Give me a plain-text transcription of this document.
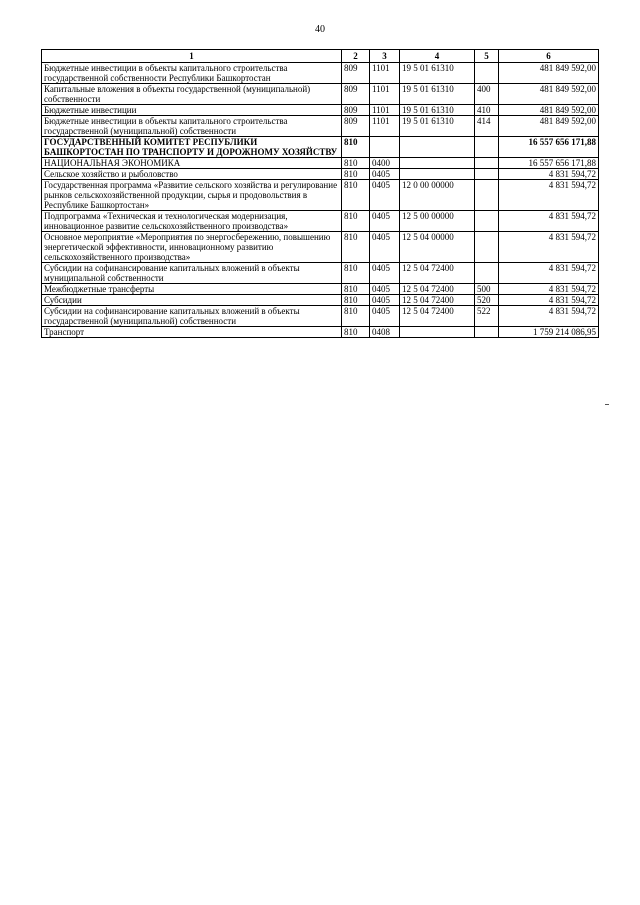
40
1	2	3	4	5	6
Бюджетные инвестиции в объекты капитального строительства государственной собственности Республики Башкортостан	809	1101	19 5 01 61310		481 849 592,00
Капитальные вложения в объекты государственной (муниципальной) собственности	809	1101	19 5 01 61310	400	481 849 592,00
Бюджетные инвестиции	809	1101	19 5 01 61310	410	481 849 592,00
Бюджетные инвестиции в объекты капитального строительства государственной (муниципальной) собственности	809	1101	19 5 01 61310	414	481 849 592,00
ГОСУДАРСТВЕННЫЙ КОМИТЕТ РЕСПУБЛИКИ БАШКОРТОСТАН ПО ТРАНСПОРТУ И ДОРОЖНОМУ ХОЗЯЙСТВУ	810				16 557 656 171,88
НАЦИОНАЛЬНАЯ ЭКОНОМИКА	810	0400			16 557 656 171,88
Сельское хозяйство и рыболовство	810	0405			4 831 594,72
Государственная программа «Развитие сельского хозяйства и регулирование рынков сельскохозяйственной продукции, сырья и продовольствия в Республике Башкортостан»	810	0405	12 0 00 00000		4 831 594,72
Подпрограмма «Техническая и технологическая модернизация, инновационное развитие сельскохозяйственного производства»	810	0405	12 5 00 00000		4 831 594,72
Основное мероприятие «Мероприятия по энергосбережению, повышению энергетической эффективности, инновационному развитию сельскохозяйственного производства»	810	0405	12 5 04 00000		4 831 594,72
Субсидии на софинансирование капитальных вложений в объекты муниципальной собственности	810	0405	12 5 04 72400		4 831 594,72
Межбюджетные трансферты	810	0405	12 5 04 72400	500	4 831 594,72
Субсидии	810	0405	12 5 04 72400	520	4 831 594,72
Субсидии на софинансирование капитальных вложений в объекты государственной (муниципальной) собственности	810	0405	12 5 04 72400	522	4 831 594,72
Транспорт	810	0408			1 759 214 086,95
